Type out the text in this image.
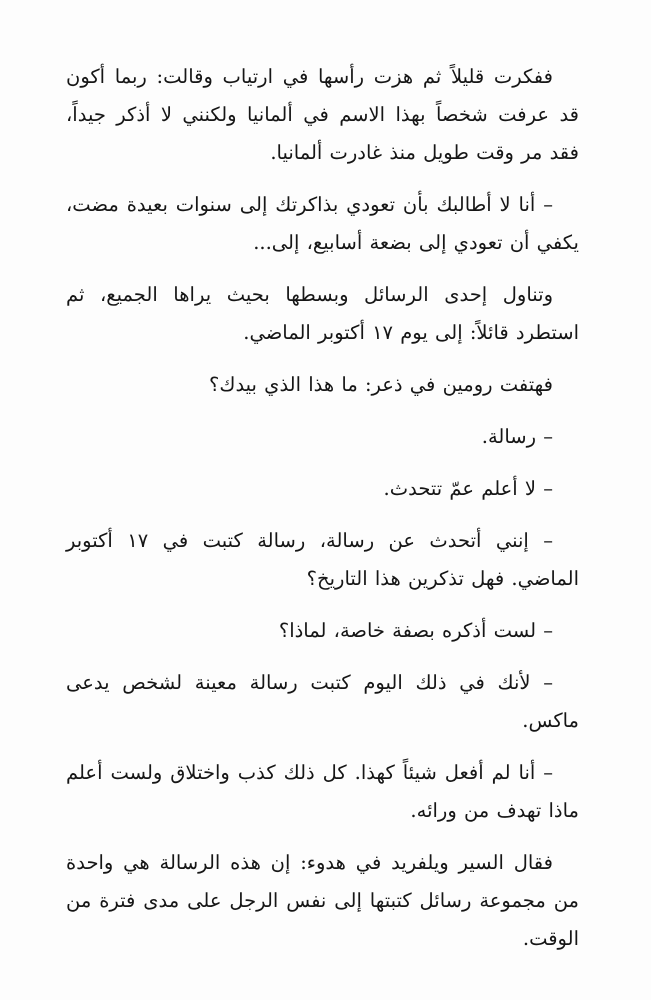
ففكرت قليلاً ثم هزت رأسها في ارتياب وقالت: ربما أكون قد عرفت شخصاً بهذا الاسم في ألمانيا ولكنني لا أذكر جيداً، فقد مر وقت طويل منذ غادرت ألمانيا.

– أنا لا أطالبك بأن تعودي بذاكرتك إلى سنوات بعيدة مضت، يكفي أن تعودي إلى بضعة أسابيع، إلى...

وتناول إحدى الرسائل وبسطها بحيث يراها الجميع، ثم استطرد قائلاً: إلى يوم ١٧ أكتوبر الماضي.

فهتفت رومين في ذعر: ما هذا الذي بيدك؟

– رسالة.

– لا أعلم عمّ تتحدث.

– إنني أتحدث عن رسالة، رسالة كتبت في ١٧ أكتوبر الماضي. فهل تذكرين هذا التاريخ؟

– لست أذكره بصفة خاصة، لماذا؟

– لأنك في ذلك اليوم كتبت رسالة معينة لشخص يدعى ماكس.

– أنا لم أفعل شيئاً كهذا. كل ذلك كذب واختلاق ولست أعلم ماذا تهدف من ورائه.

فقال السير ويلفريد في هدوء: إن هذه الرسالة هي واحدة من مجموعة رسائل كتبتها إلى نفس الرجل على مدى فترة من الوقت.
